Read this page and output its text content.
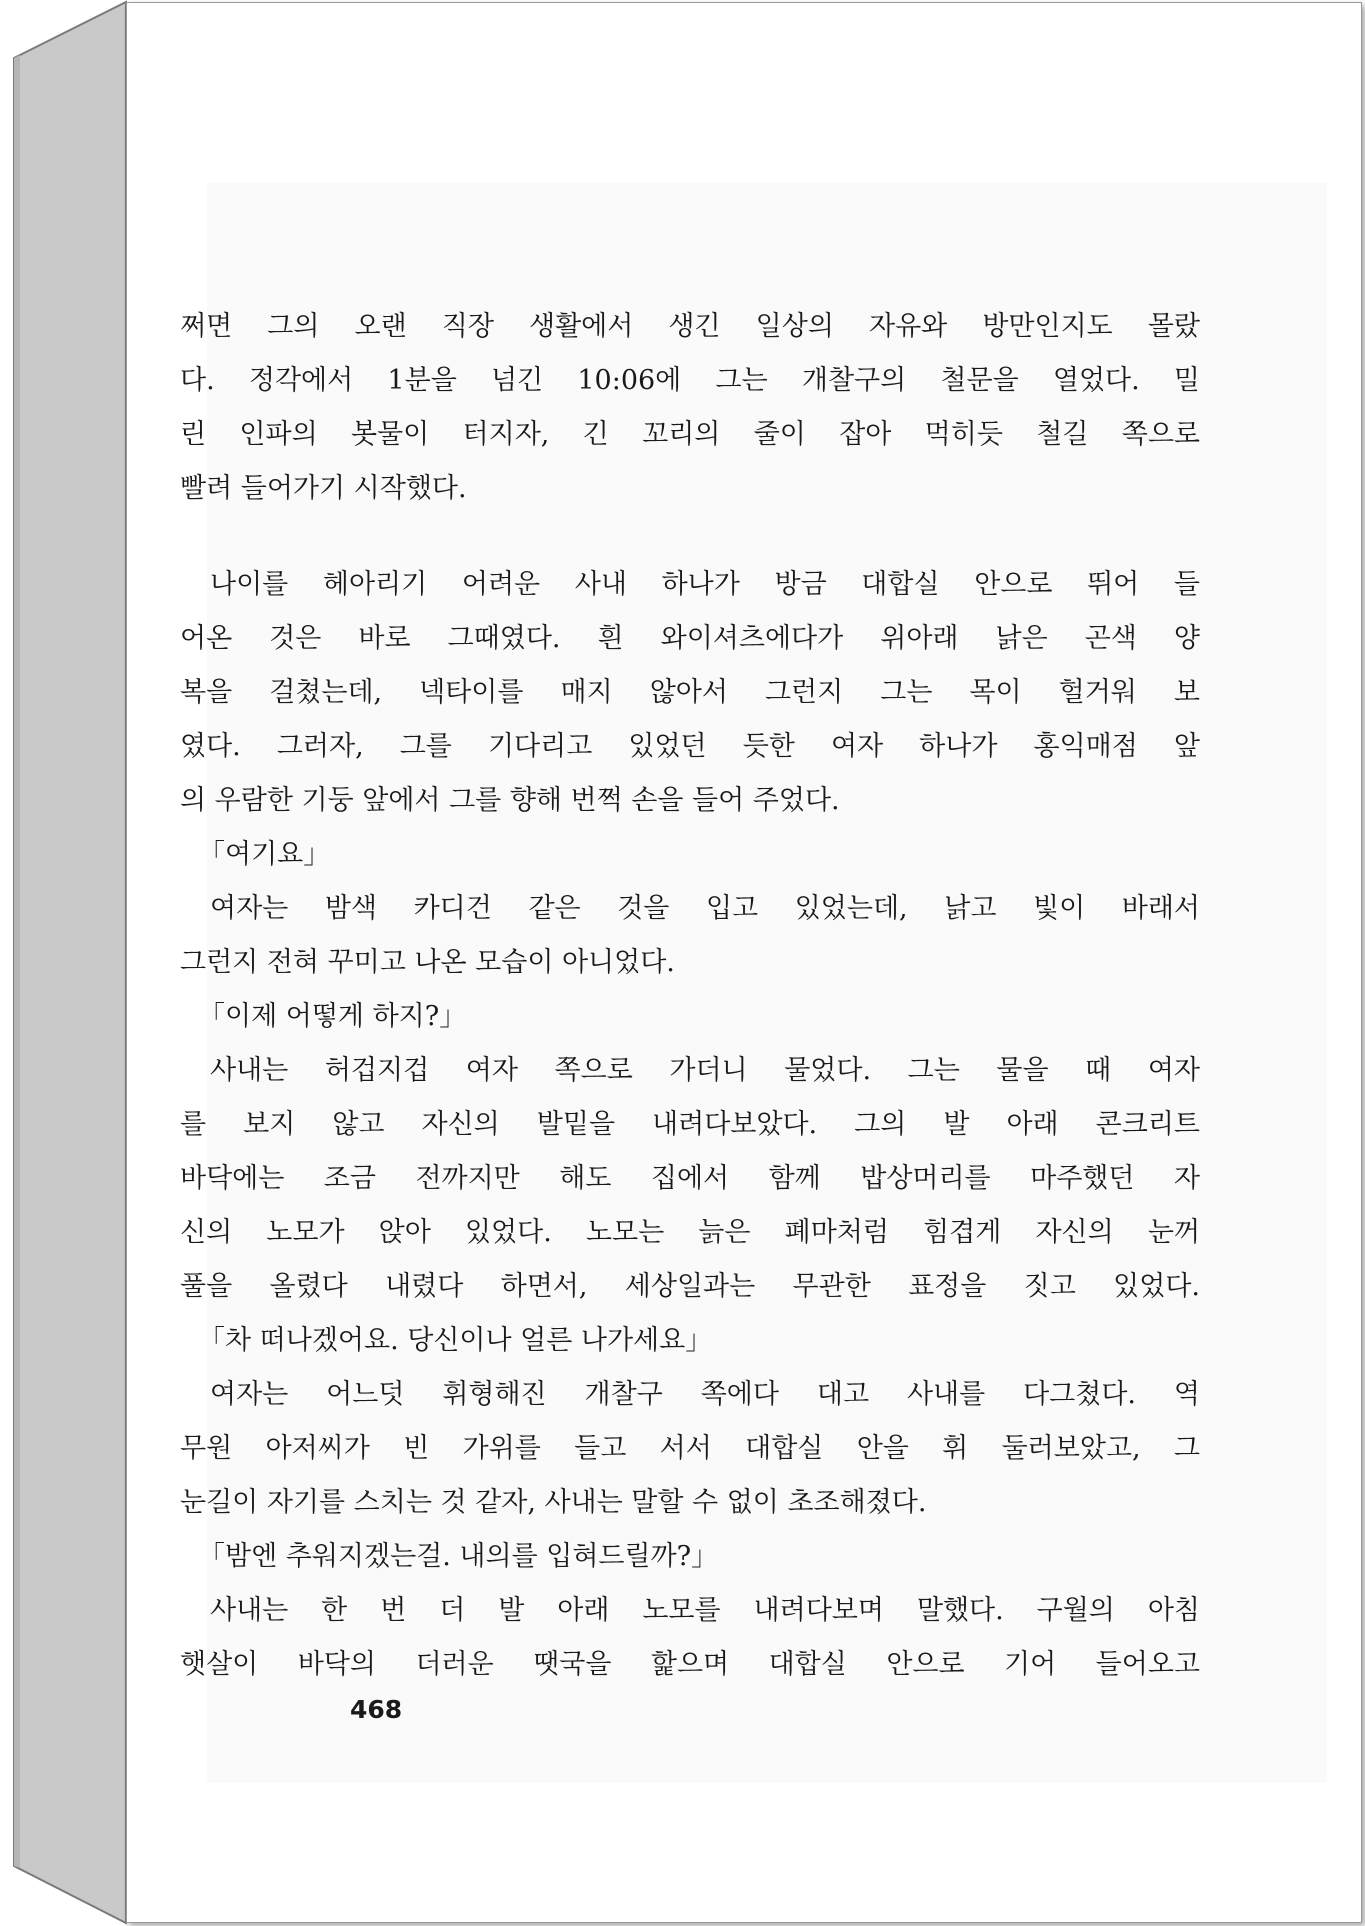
쩌면 그의 오랜 직장 생활에서 생긴 일상의 자유와 방만인지도 몰랐
다. 정각에서 1분을 넘긴 10:06에 그는 개찰구의 철문을 열었다. 밀
린 인파의 봇물이 터지자, 긴 꼬리의 줄이 잡아 먹히듯 철길 쪽으로
빨려 들어가기 시작했다.
나이를 헤아리기 어려운 사내 하나가 방금 대합실 안으로 뛰어 들
어온 것은 바로 그때였다. 흰 와이셔츠에다가 위아래 낡은 곤색 양
복을 걸쳤는데, 넥타이를 매지 않아서 그런지 그는 목이 헐거워 보
였다. 그러자, 그를 기다리고 있었던 듯한 여자 하나가 홍익매점 앞
의 우람한 기둥 앞에서 그를 향해 번쩍 손을 들어 주었다.
「여기요」
여자는 밤색 카디건 같은 것을 입고 있었는데, 낡고 빛이 바래서
그런지 전혀 꾸미고 나온 모습이 아니었다.
「이제 어떻게 하지?」
사내는 허겁지겁 여자 쪽으로 가더니 물었다. 그는 물을 때 여자
를 보지 않고 자신의 발밑을 내려다보았다. 그의 발 아래 콘크리트
바닥에는 조금 전까지만 해도 집에서 함께 밥상머리를 마주했던 자
신의 노모가 앉아 있었다. 노모는 늙은 폐마처럼 힘겹게 자신의 눈꺼
풀을 올렸다 내렸다 하면서, 세상일과는 무관한 표정을 짓고 있었다.
「차 떠나겠어요. 당신이나 얼른 나가세요」
여자는 어느덧 휘형해진 개찰구 쪽에다 대고 사내를 다그쳤다. 역
무원 아저씨가 빈 가위를 들고 서서 대합실 안을 휘 둘러보았고, 그
눈길이 자기를 스치는 것 같자, 사내는 말할 수 없이 초조해졌다.
「밤엔 추워지겠는걸. 내의를 입혀드릴까?」
사내는 한 번 더 발 아래 노모를 내려다보며 말했다. 구월의 아침
햇살이 바닥의 더러운 땟국을 핥으며 대합실 안으로 기어 들어오고
468
